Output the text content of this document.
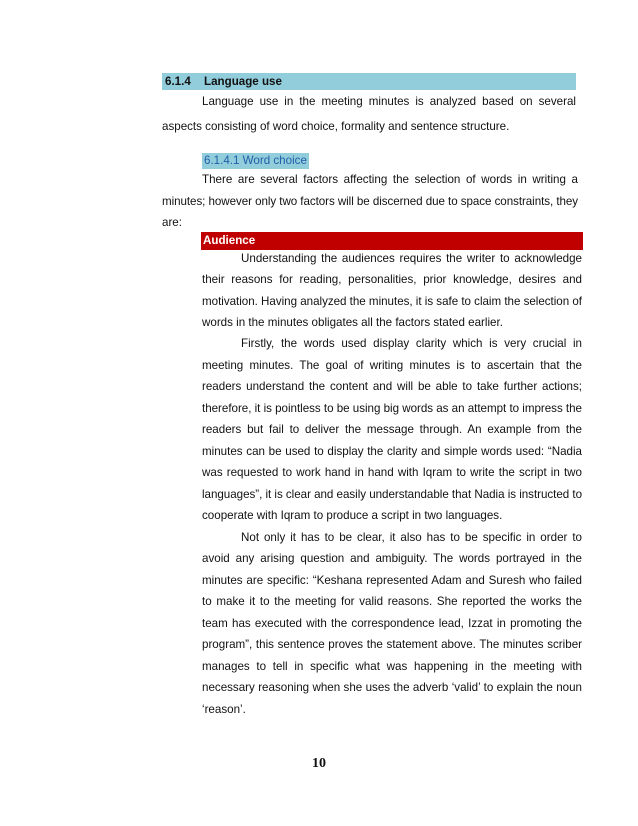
6.1.4 Language use
Language use in the meeting minutes is analyzed based on several
aspects consisting of word choice, formality and sentence structure.
6.1.4.1 Word choice
There are several factors affecting the selection of words in writing a
minutes; however only two factors will be discerned due to space constraints, they
are:
Audience
Understanding the audiences requires the writer to acknowledge
their reasons for reading, personalities, prior knowledge, desires and
motivation. Having analyzed the minutes, it is safe to claim the selection of
words in the minutes obligates all the factors stated earlier.
Firstly, the words used display clarity which is very crucial in
meeting minutes. The goal of writing minutes is to ascertain that the
readers understand the content and will be able to take further actions;
therefore, it is pointless to be using big words as an attempt to impress the
readers but fail to deliver the message through. An example from the
minutes can be used to display the clarity and simple words used: “Nadia
was requested to work hand in hand with Iqram to write the script in two
languages”, it is clear and easily understandable that Nadia is instructed to
cooperate with Iqram to produce a script in two languages.
Not only it has to be clear, it also has to be specific in order to
avoid any arising question and ambiguity. The words portrayed in the
minutes are specific: “Keshana represented Adam and Suresh who failed
to make it to the meeting for valid reasons. She reported the works the
team has executed with the correspondence lead, Izzat in promoting the
program”, this sentence proves the statement above. The minutes scriber
manages to tell in specific what was happening in the meeting with
necessary reasoning when she uses the adverb ‘valid’ to explain the noun
‘reason’.
10
